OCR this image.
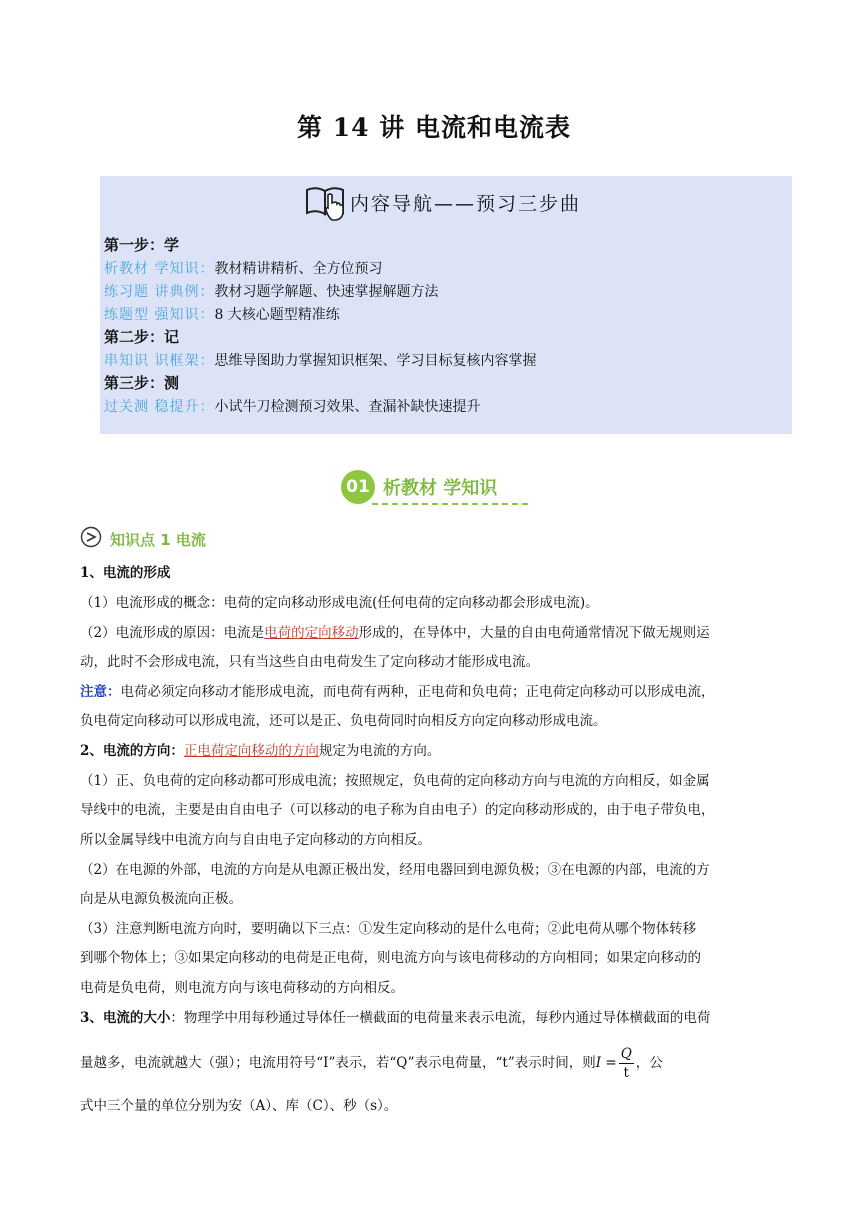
第 14 讲 电流和电流表
内容导航——预习三步曲
第一步：学
析教材 学知识：教材精讲精析、全方位预习
练习题 讲典例：教材习题学解题、快速掌握解题方法
练题型 强知识：8 大核心题型精准练
第二步：记
串知识 识框架：思维导图助力掌握知识框架、学习目标复核内容掌握
第三步：测
过关测 稳提升：小试牛刀检测预习效果、查漏补缺快速提升
01 析教材 学知识
知识点 1 电流
1、电流的形成
（1）电流形成的概念：电荷的定向移动形成电流(任何电荷的定向移动都会形成电流)。
（2）电流形成的原因：电流是电荷的定向移动形成的，在导体中，大量的自由电荷通常情况下做无规则运
动，此时不会形成电流，只有当这些自由电荷发生了定向移动才能形成电流。
注意：电荷必须定向移动才能形成电流，而电荷有两种，正电荷和负电荷；正电荷定向移动可以形成电流，
负电荷定向移动可以形成电流，还可以是正、负电荷同时向相反方向定向移动形成电流。
2、电流的方向：正电荷定向移动的方向规定为电流的方向。
（1）正、负电荷的定向移动都可形成电流；按照规定，负电荷的定向移动方向与电流的方向相反，如金属
导线中的电流，主要是由自由电子（可以移动的电子称为自由电子）的定向移动形成的，由于电子带负电，
所以金属导线中电流方向与自由电子定向移动的方向相反。
（2）在电源的外部，电流的方向是从电源正极出发，经用电器回到电源负极；③在电源的内部，电流的方
向是从电源负极流向正极。
（3）注意判断电流方向时，要明确以下三点：①发生定向移动的是什么电荷；②此电荷从哪个物体转移
到哪个物体上；③如果定向移动的电荷是正电荷，则电流方向与该电荷移动的方向相同；如果定向移动的
电荷是负电荷，则电流方向与该电荷移动的方向相反。
3、电流的大小：物理学中用每秒通过导体任一横截面的电荷量来表示电流，每秒内通过导体横截面的电荷
量越多，电流就越大（强）；电流用符号“I”表示，若“Q”表示电荷量，“t”表示时间，则$I = \frac{Q}{t}$ ，公
式中三个量的单位分别为安（A）、库（C）、秒（s）。
